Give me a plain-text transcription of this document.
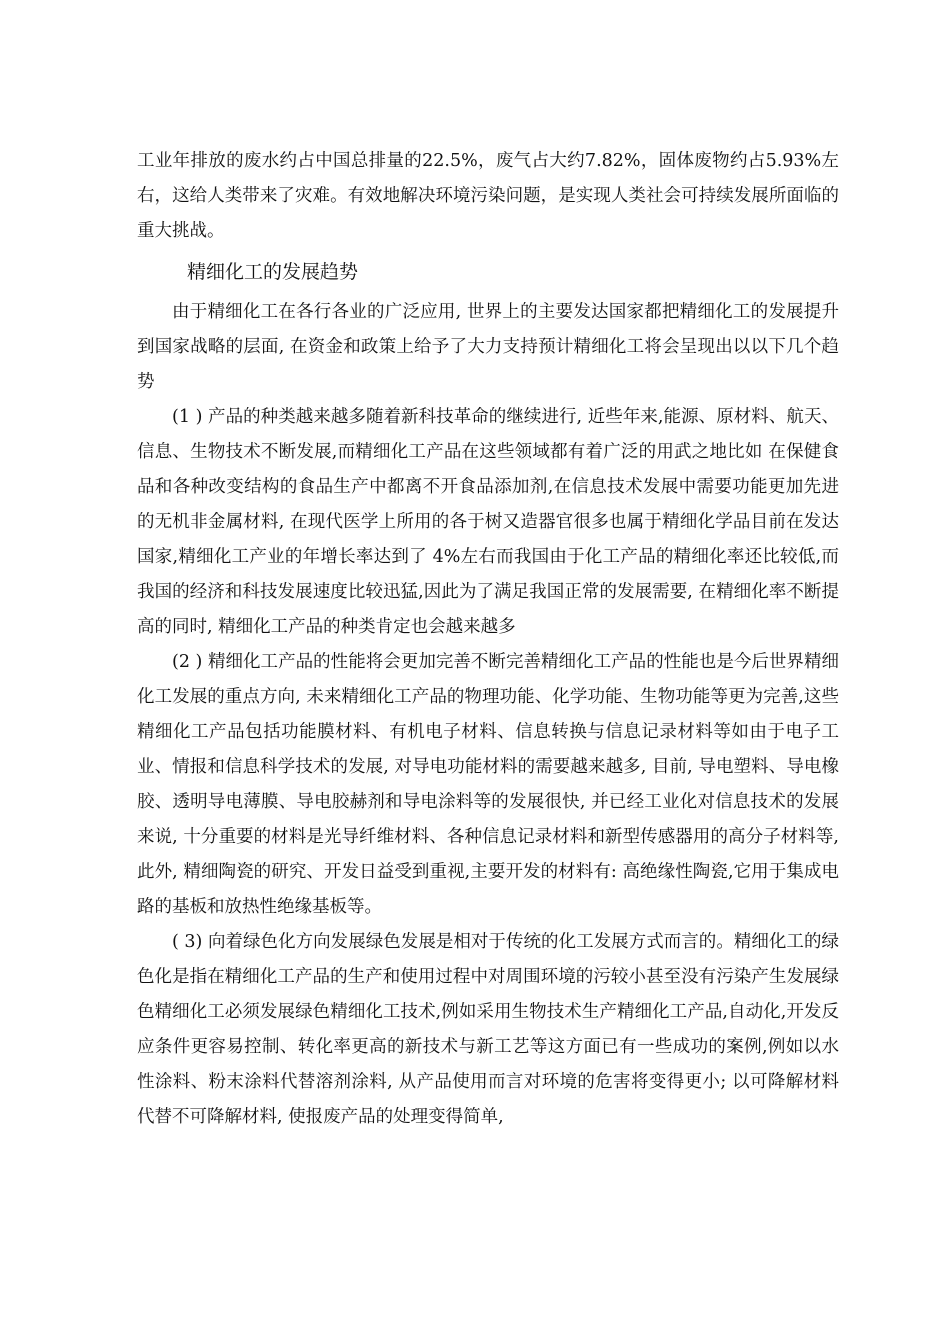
工业年排放的废水约占中国总排量的22.5%，废气占大约7.82%，固体废物约占5.93%左右，这给人类带来了灾难。有效地解决环境污染问题，是实现人类社会可持续发展所面临的重大挑战。

精细化工的发展趋势

由于精细化工在各行各业的广泛应用, 世界上的主要发达国家都把精细化工的发展提升到国家战略的层面, 在资金和政策上给予了大力支持预计精细化工将会呈现出以以下几个趋势

(1 ) 产品的种类越来越多随着新科技革命的继续进行, 近些年来,能源、原材料、航天、信息、生物技术不断发展,而精细化工产品在这些领域都有着广泛的用武之地比如 在保健食品和各种改变结构的食品生产中都离不开食品添加剂,在信息技术发展中需要功能更加先进的无机非金属材料, 在现代医学上所用的各于树又造器官很多也属于精细化学品目前在发达国家,精细化工产业的年增长率达到了 4%左右而我国由于化工产品的精细化率还比较低,而我国的经济和科技发展速度比较迅猛,因此为了满足我国正常的发展需要, 在精细化率不断提高的同时, 精细化工产品的种类肯定也会越来越多

(2 ) 精细化工产品的性能将会更加完善不断完善精细化工产品的性能也是今后世界精细化工发展的重点方向, 未来精细化工产品的物理功能、化学功能、生物功能等更为完善,这些精细化工产品包括功能膜材料、有机电子材料、信息转换与信息记录材料等如由于电子工业、情报和信息科学技术的发展, 对导电功能材料的需要越来越多, 目前, 导电塑料、导电橡胶、透明导电薄膜、导电胶赫剂和导电涂料等的发展很快, 并已经工业化对信息技术的发展来说, 十分重要的材料是光导纤维材料、各种信息记录材料和新型传感器用的高分子材料等,此外, 精细陶瓷的研究、开发日益受到重视,主要开发的材料有: 高绝缘性陶瓷,它用于集成电路的基板和放热性绝缘基板等。

( 3) 向着绿色化方向发展绿色发展是相对于传统的化工发展方式而言的。精细化工的绿色化是指在精细化工产品的生产和使用过程中对周围环境的污较小甚至没有污染产生发展绿色精细化工必须发展绿色精细化工技术,例如采用生物技术生产精细化工产品,自动化,开发反应条件更容易控制、转化率更高的新技术与新工艺等这方面已有一些成功的案例,例如以水性涂料、粉末涂料代替溶剂涂料, 从产品使用而言对环境的危害将变得更小; 以可降解材料代替不可降解材料, 使报废产品的处理变得简单,
